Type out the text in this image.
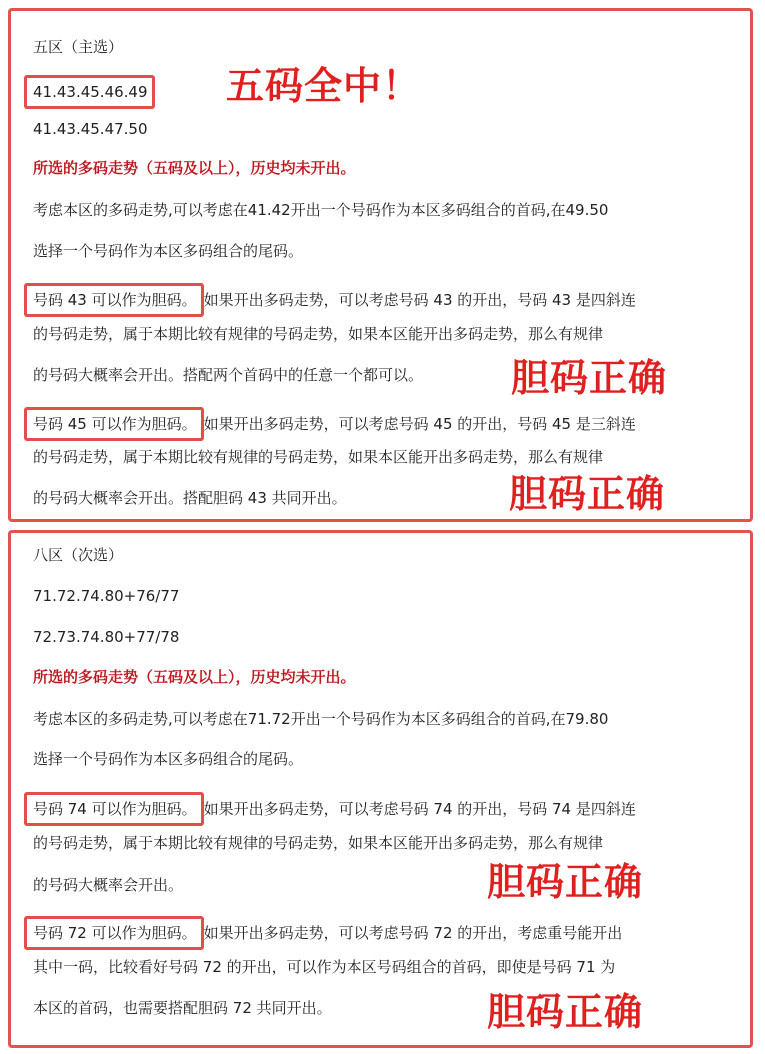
五区（主选）
41.43.45.46.49 五码全中！
41.43.45.47.50
所选的多码走势（五码及以上），历史均未开出。
考虑本区的多码走势,可以考虑在41.42开出一个号码作为本区多码组合的首码,在49.50
选择一个号码作为本区多码组合的尾码。
号码 43 可以作为胆码。 如果开出多码走势，可以考虑号码 43 的开出，号码 43 是四斜连
的号码走势，属于本期比较有规律的号码走势，如果本区能开出多码走势，那么有规律
的号码大概率会开出。搭配两个首码中的任意一个都可以。 胆码正确
号码 45 可以作为胆码。 如果开出多码走势，可以考虑号码 45 的开出，号码 45 是三斜连
的号码走势，属于本期比较有规律的号码走势，如果本区能开出多码走势，那么有规律
的号码大概率会开出。搭配胆码 43 共同开出。	胆码正确
八区（次选）
71.72.74.80+76/77
72.73.74.80+77/78
所选的多码走势（五码及以上），历史均未开出。
考虑本区的多码走势,可以考虑在71.72开出一个号码作为本区多码组合的首码,在79.80
选择一个号码作为本区多码组合的尾码。
号码 74 可以作为胆码。 如果开出多码走势，可以考虑号码 74 的开出，号码 74 是四斜连
的号码走势，属于本期比较有规律的号码走势，如果本区能开出多码走势，那么有规律
的号码大概率会开出。	胆码正确
号码 72 可以作为胆码。 如果开出多码走势，可以考虑号码 72 的开出，考虑重号能开出
其中一码，比较看好号码 72 的开出，可以作为本区号码组合的首码，即使是号码 71 为
本区的首码，也需要搭配胆码 72 共同开出。	胆码正确
